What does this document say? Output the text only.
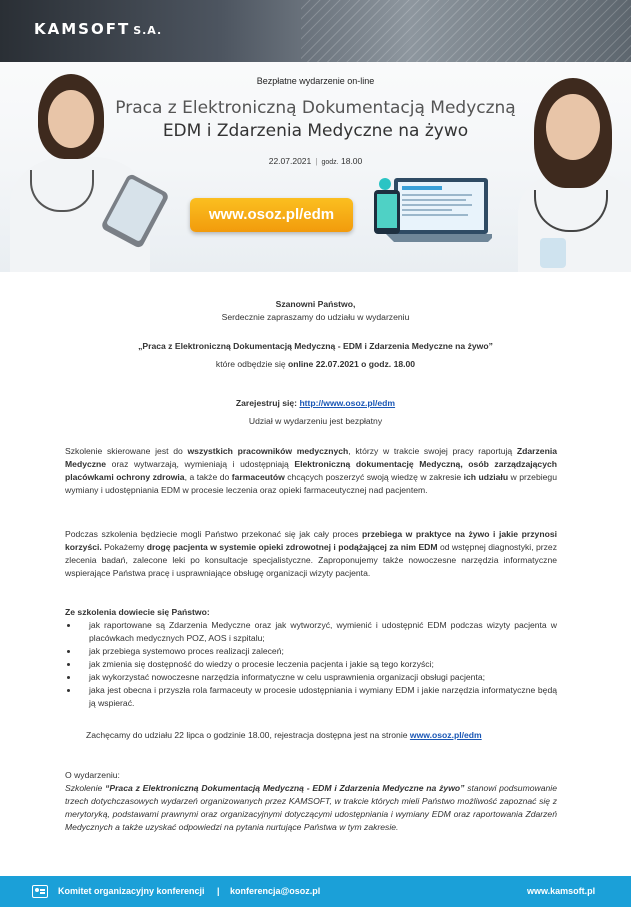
KAMSOFT S.A.
Bezpłatne wydarzenie on-line
Praca z Elektroniczną Dokumentacją Medyczną
EDM i Zdarzenia Medyczne na żywo
22.07.2021 | godz. 18.00
www.osoz.pl/edm
Szanowni Państwo,
Serdecznie zapraszamy do udziału w wydarzeniu
„Praca z Elektroniczną Dokumentacją Medyczną - EDM i Zdarzenia Medyczne na żywo”
które odbędzie się online 22.07.2021 o godz. 18.00
Zarejestruj się: http://www.osoz.pl/edm
Udział w wydarzeniu jest bezpłatny
Szkolenie skierowane jest do wszystkich pracowników medycznych, którzy w trakcie swojej pracy raportują Zdarzenia Medyczne oraz wytwarzają, wymieniają i udostępniają Elektroniczną dokumentację Medyczną, osób zarządzających placówkami ochrony zdrowia, a także do farmaceutów chcących poszerzyć swoją wiedzę w zakresie ich udziału w przebiegu wymiany i udostępniania EDM w procesie leczenia oraz opieki farmaceutycznej nad pacjentem.
Podczas szkolenia będziecie mogli Państwo przekonać się jak cały proces przebiega w praktyce na żywo i jakie przynosi korzyści. Pokażemy drogę pacjenta w systemie opieki zdrowotnej i podążającej za nim EDM od wstępnej diagnostyki, przez zlecenia badań, zalecone leki po konsultacje specjalistyczne. Zaproponujemy także nowoczesne narzędzia informatyczne wspierające Państwa pracę i usprawniające obsługę organizacji wizyty pacjenta.
Ze szkolenia dowiecie się Państwo:
• jak raportowane są Zdarzenia Medyczne oraz jak wytworzyć, wymienić i udostępnić EDM podczas wizyty pacjenta w placówkach medycznych POZ, AOS i szpitalu;
• jak przebiega systemowo proces realizacji zaleceń;
• jak zmienia się dostępność do wiedzy o procesie leczenia pacjenta i jakie są tego korzyści;
• jak wykorzystać nowoczesne narzędzia informatyczne w celu usprawnienia organizacji obsługi pacjenta;
• jaka jest obecna i przyszła rola farmaceuty w procesie udostępniania i wymiany EDM i jakie narzędzia informatyczne będą ją wspierać.
Zachęcamy do udziału 22 lipca o godzinie 18.00, rejestracja dostępna jest na stronie www.osoz.pl/edm
O wydarzeniu:
Szkolenie “Praca z Elektroniczną Dokumentacją Medyczną - EDM i Zdarzenia Medyczne na żywo” stanowi podsumowanie trzech dotychczasowych wydarzeń organizowanych przez KAMSOFT, w trakcie których mieli Państwo możliwość zapoznać się z merytoryką, podstawami prawnymi oraz organizacyjnymi dotyczącymi udostępniania i wymiany EDM oraz raportowania Zdarzeń Medycznych a także uzyskać odpowiedzi na pytania nurtujące Państwa w tym zakresie.
Komitet organizacyjny konferencji | konferencja@osoz.pl	www.kamsoft.pl
